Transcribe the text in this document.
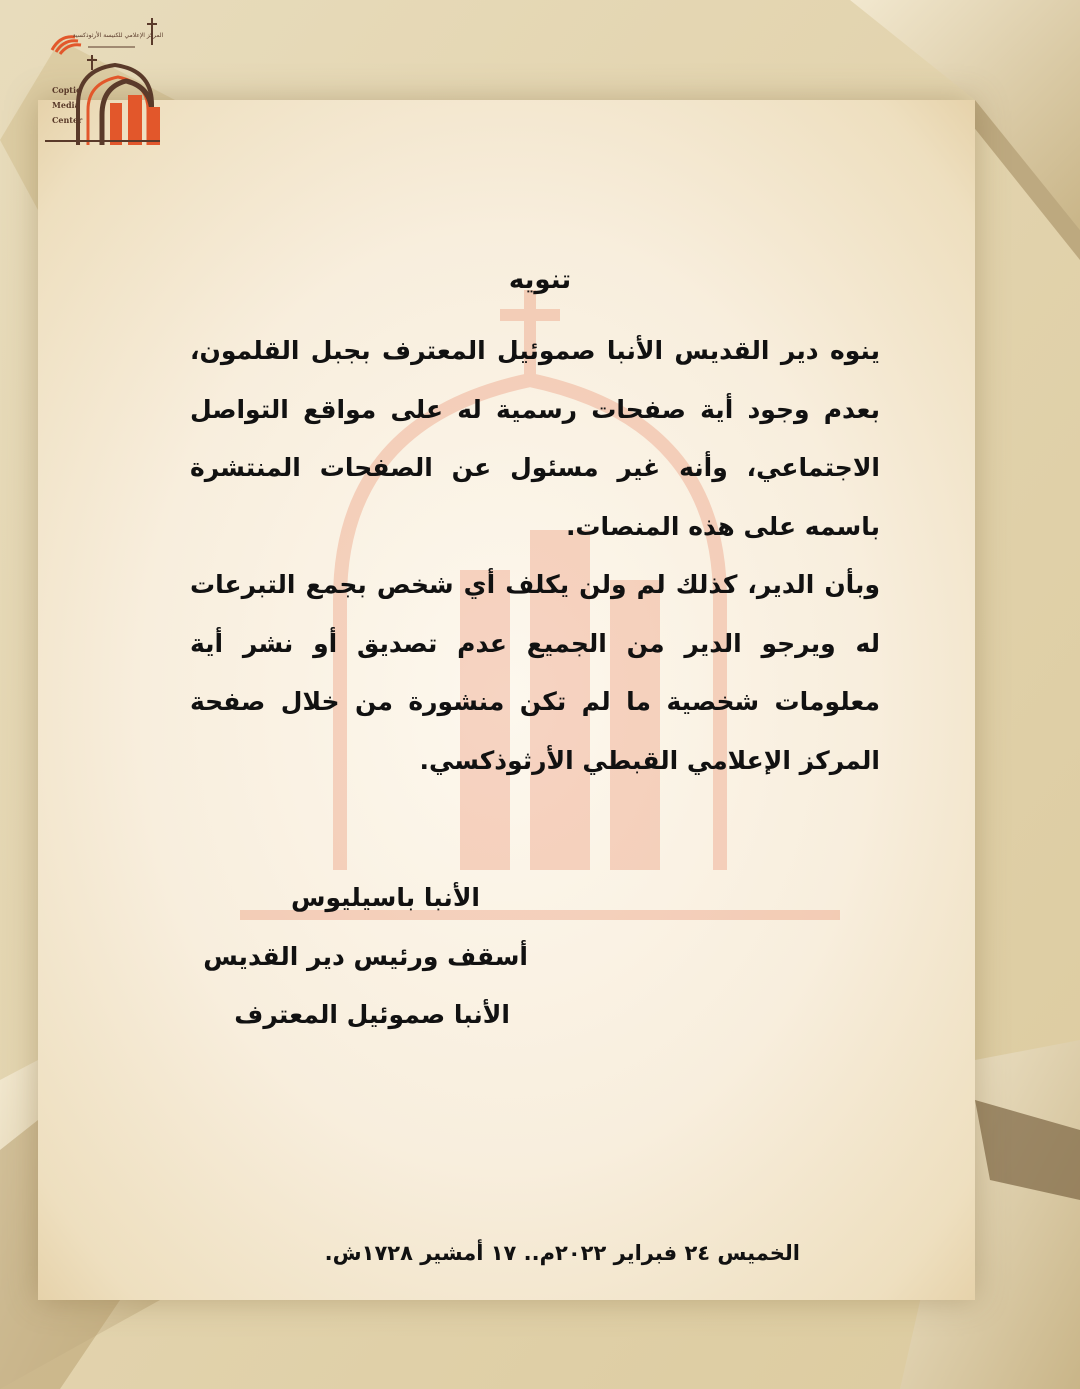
المركز الإعلامي للكنيسة الأرثوذكسية
Coptic
Media
Center
تنويه
ينوه دير القديس الأنبا صموئيل المعترف بجبل القلمون، بعدم وجود أية صفحات رسمية له على مواقع التواصل الاجتماعي، وأنه غير مسئول عن الصفحات المنتشرة باسمه على هذه المنصات.
وبأن الدير، كذلك لم ولن يكلف أي شخص بجمع التبرعات له ويرجو الدير من الجميع عدم تصديق أو نشر أية معلومات شخصية ما لم تكن منشورة من خلال صفحة المركز الإعلامي القبطي الأرثوذكسي.
الأنبا باسيليوس
أسقف ورئيس دير القديس
الأنبا صموئيل المعترف
الخميس ٢٤ فبراير ٢٠٢٢م.. ١٧ أمشير ١٧٢٨ش.
